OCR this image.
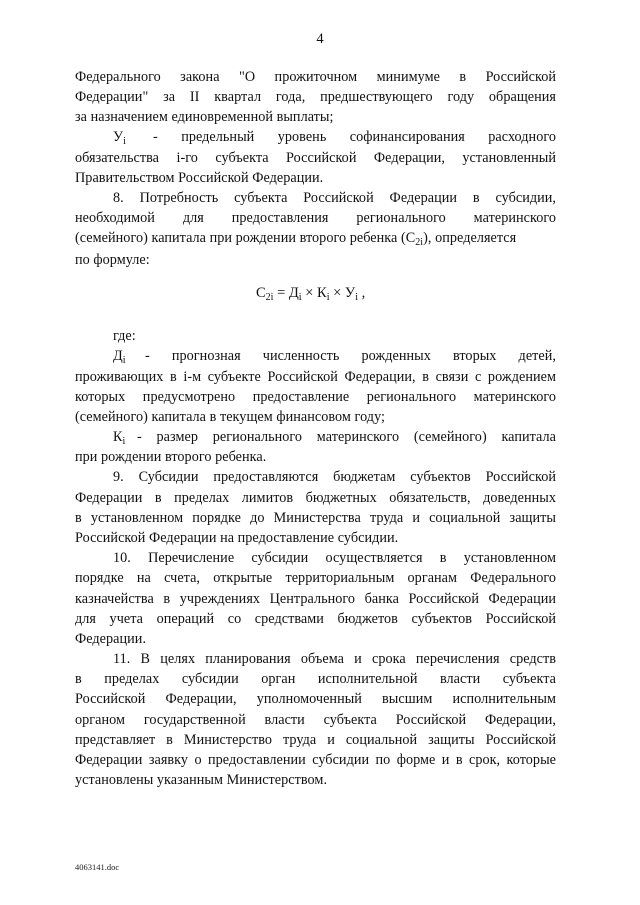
4
Федерального закона "О прожиточном минимуме в Российской
Федерации" за II квартал года, предшествующего году обращения
за назначением единовременной выплаты;
$У_i$ - предельный уровень софинансирования расходного
обязательства i-го субъекта Российской Федерации, установленный
Правительством Российской Федерации.
8. Потребность субъекта Российской Федерации в субсидии,
необходимой для предоставления регионального материнского
(семейного) капитала при рождении второго ребенка $(С_{2i})$, определяется
по формуле:
$С_{2i} = Д_i \times К_i \times У_i$ ,
где:
$Д_i$ - прогнозная численность рожденных вторых детей,
проживающих в i-м субъекте Российской Федерации, в связи с рождением
которых предусмотрено предоставление регионального материнского
(семейного) капитала в текущем финансовом году;
$К_i$ - размер регионального материнского (семейного) капитала
при рождении второго ребенка.
9. Субсидии предоставляются бюджетам субъектов Российской
Федерации в пределах лимитов бюджетных обязательств, доведенных
в установленном порядке до Министерства труда и социальной защиты
Российской Федерации на предоставление субсидии.
10. Перечисление субсидии осуществляется в установленном
порядке на счета, открытые территориальным органам Федерального
казначейства в учреждениях Центрального банка Российской Федерации
для учета операций со средствами бюджетов субъектов Российской
Федерации.
11. В целях планирования объема и срока перечисления средств
в пределах субсидии орган исполнительной власти субъекта
Российской Федерации, уполномоченный высшим исполнительным
органом государственной власти субъекта Российской Федерации,
представляет в Министерство труда и социальной защиты Российской
Федерации заявку о предоставлении субсидии по форме и в срок, которые
установлены указанным Министерством.
4063141.doc
